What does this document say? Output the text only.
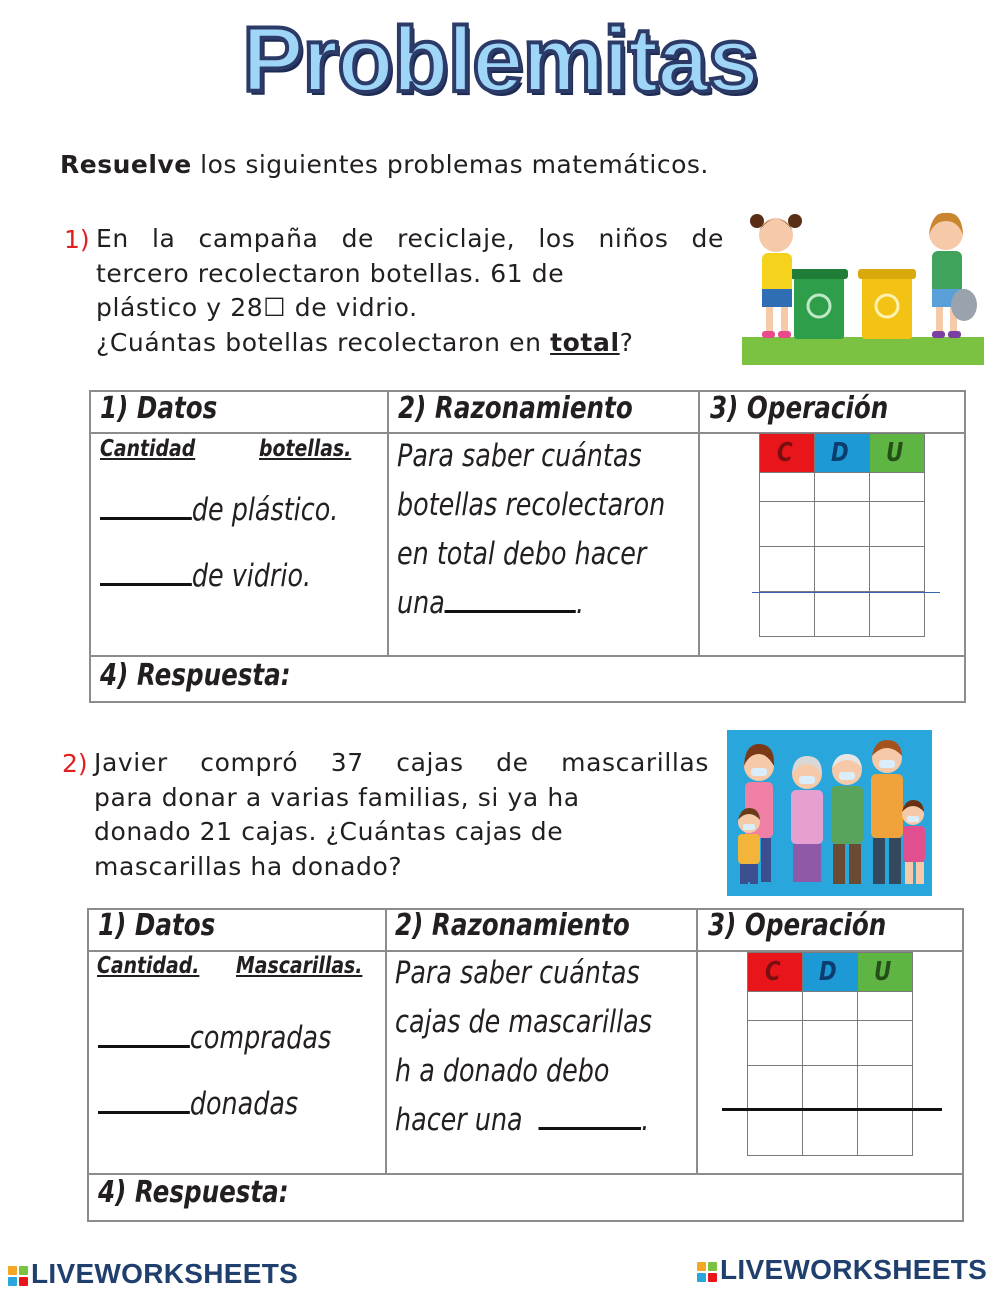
Problemitas
Resuelve los siguientes problemas matemáticos.
1) En la campaña de reciclaje, los niños de
tercero recolectaron botellas. 61 de
plástico y 28☐ de vidrio.
¿Cuántas botellas recolectaron en total?
1) Datos	2) Razonamiento	3) Operación
Cantidad	botellas.
de plástico.
de vidrio.
Para saber cuántas
botellas recolectaron
en total debo hacer
una	.
C	D	U

4) Respuesta:
2) Javier compró 37 cajas de mascarillas
para donar a varias familias, si ya ha
donado 21 cajas. ¿Cuántas cajas de
mascarillas ha donado?
1) Datos	2) Razonamiento	3) Operación
Cantidad. Mascarillas.
compradas
donadas
Para saber cuántas
cajas de mascarillas
h a donado debo
hacer una	.
C	D	U

4) Respuesta:
LIVEWORKSHEETS	LIVEWORKSHEETS
